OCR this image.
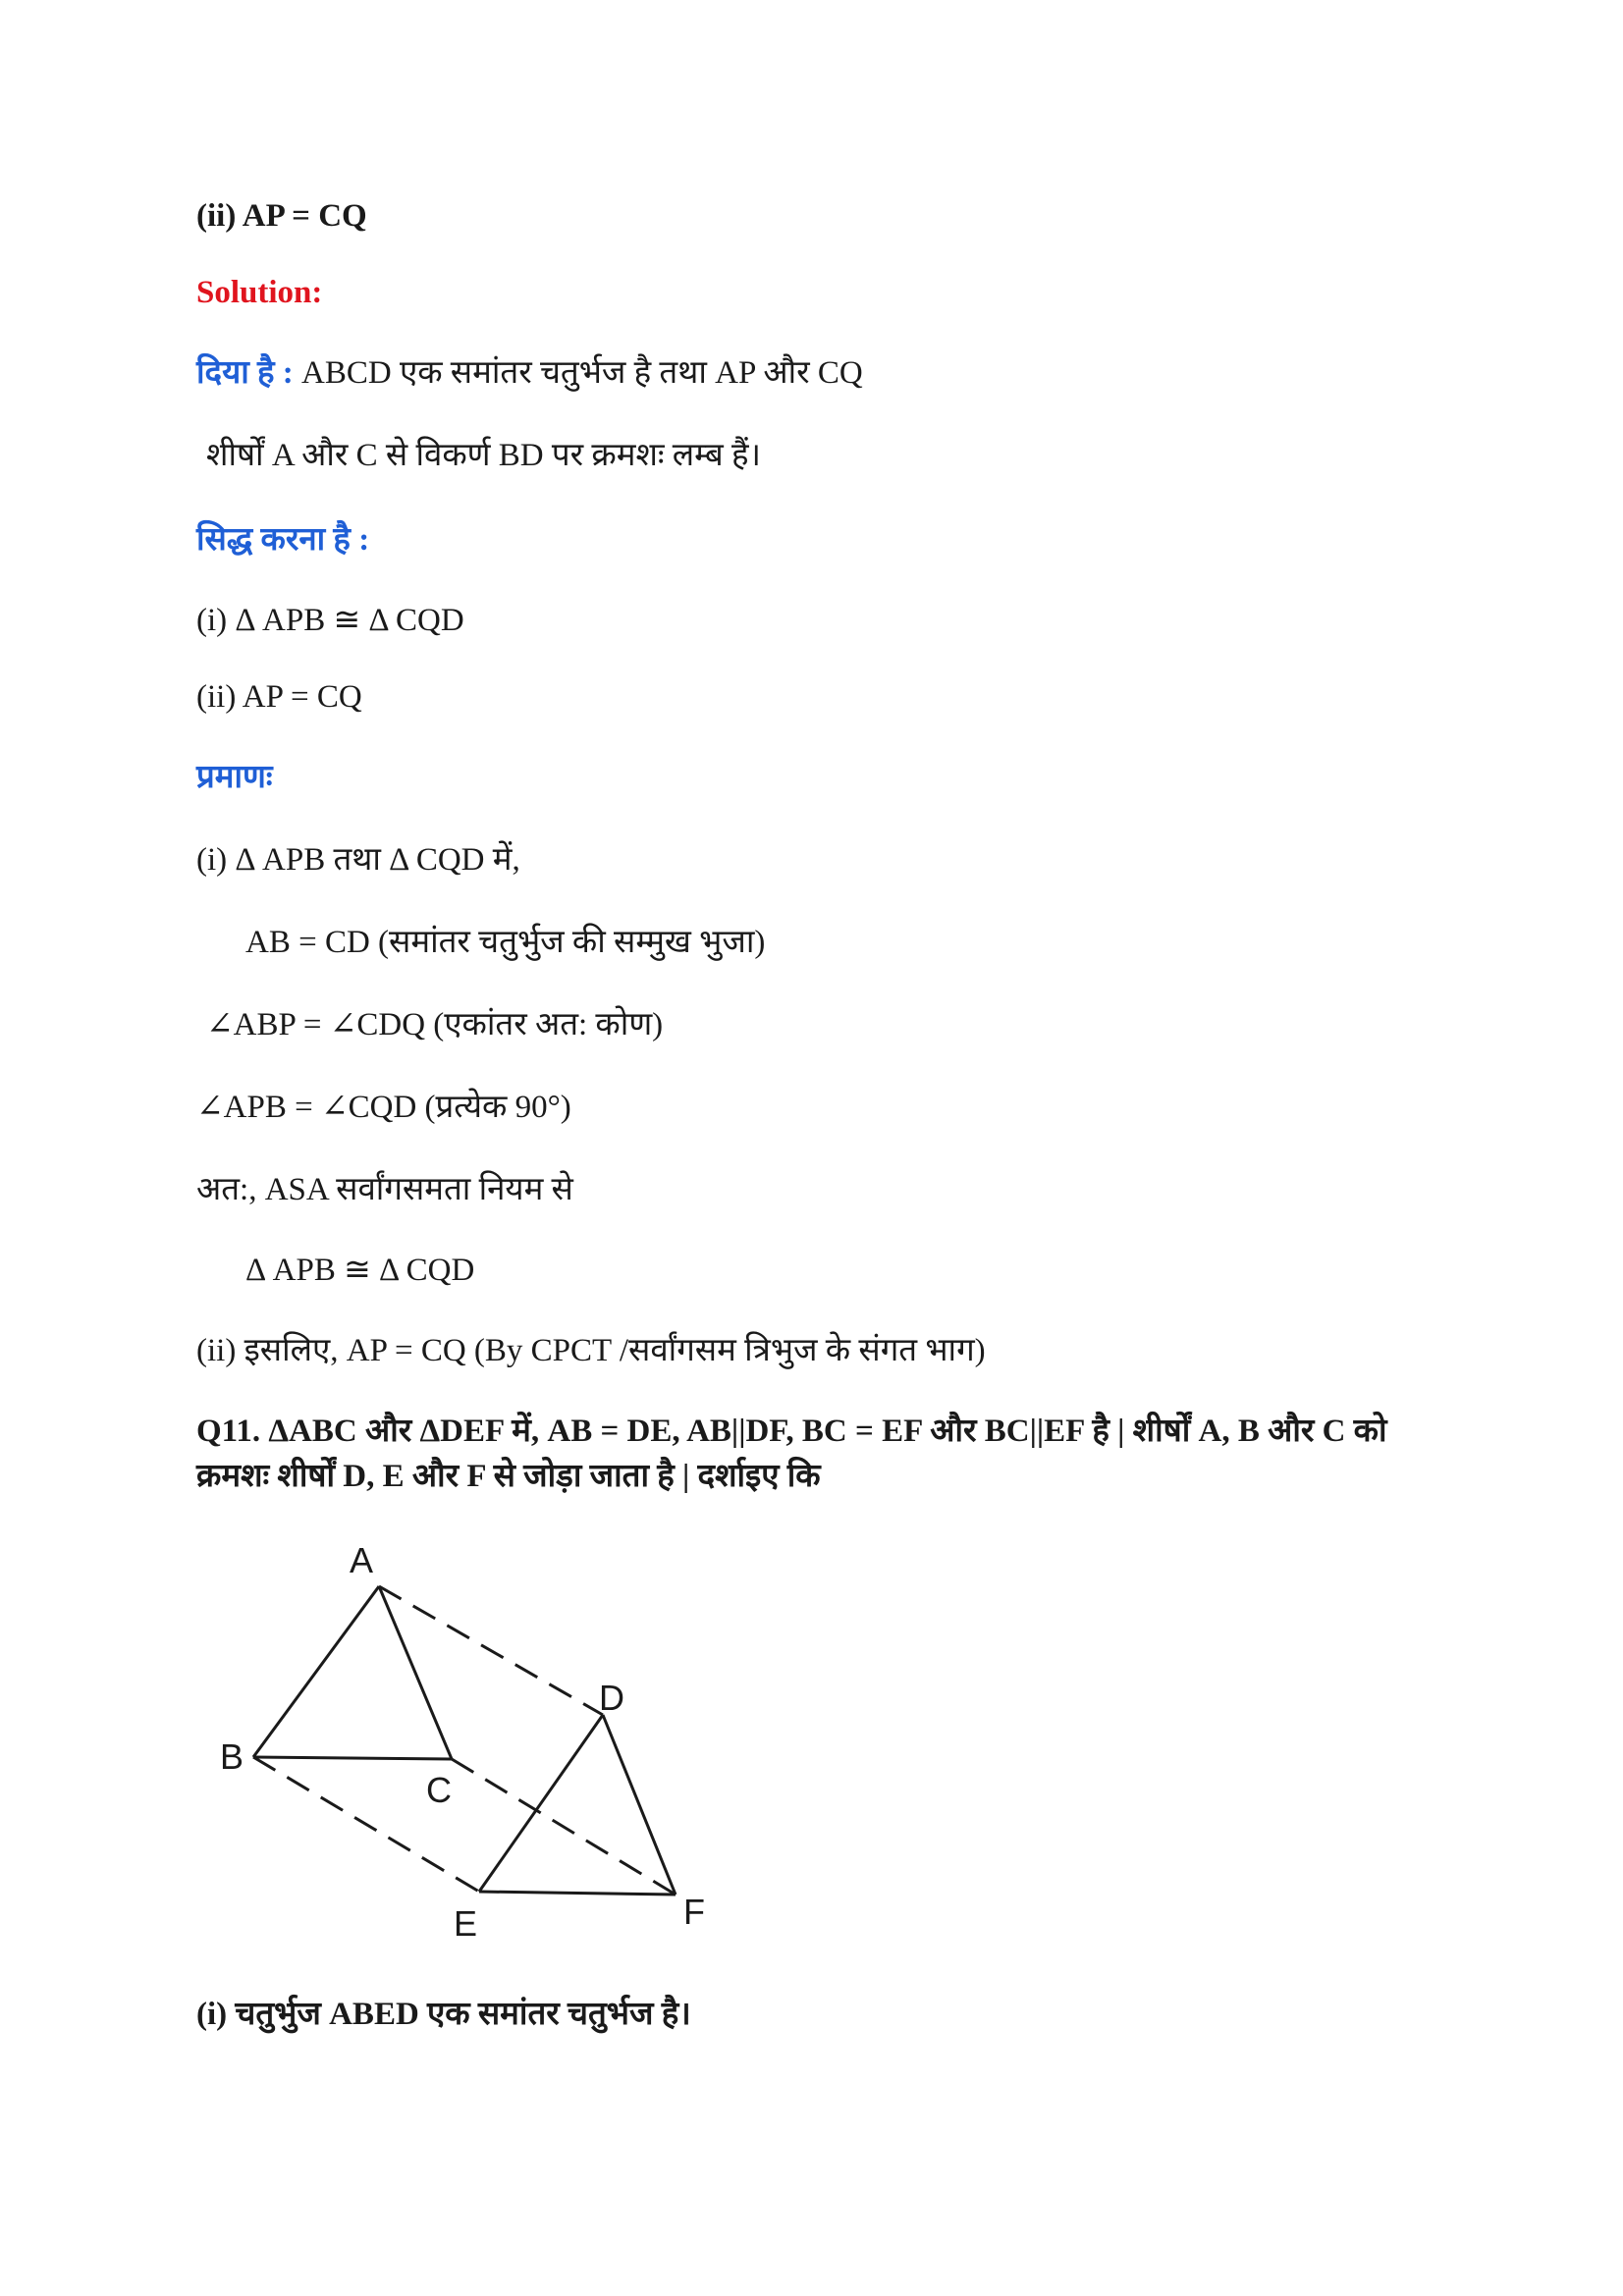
(ii) AP = CQ
Solution:
दिया है : ABCD एक समांतर चतुर्भज है तथा AP और CQ
शीर्षों A और C से विकर्ण BD पर क्रमशः लम्ब हैं।
सिद्ध करना है :
(i) Δ APB ≅ Δ CQD
(ii) AP = CQ
प्रमाणः
(i) Δ APB तथा Δ CQD में,
AB = CD (समांतर चतुर्भुज की सम्मुख भुजा)
∠ABP = ∠CDQ (एकांतर अत: कोण)
∠APB = ∠CQD (प्रत्येक 90°)
अत:, ASA सर्वांगसमता नियम से
Δ APB ≅ Δ CQD
(ii) इसलिए, AP = CQ (By CPCT /सर्वांगसम त्रिभुज के संगत भाग)
Q11. ΔABC और ΔDEF में, AB = DE, AB||DF, BC = EF और BC||EF है | शीर्षों A, B और C को क्रमशः शीर्षों D, E और F से जोड़ा जाता है | दर्शाइए कि
A
B
C
D
E	F
(i) चतुर्भुज ABED एक समांतर चतुर्भज है।
